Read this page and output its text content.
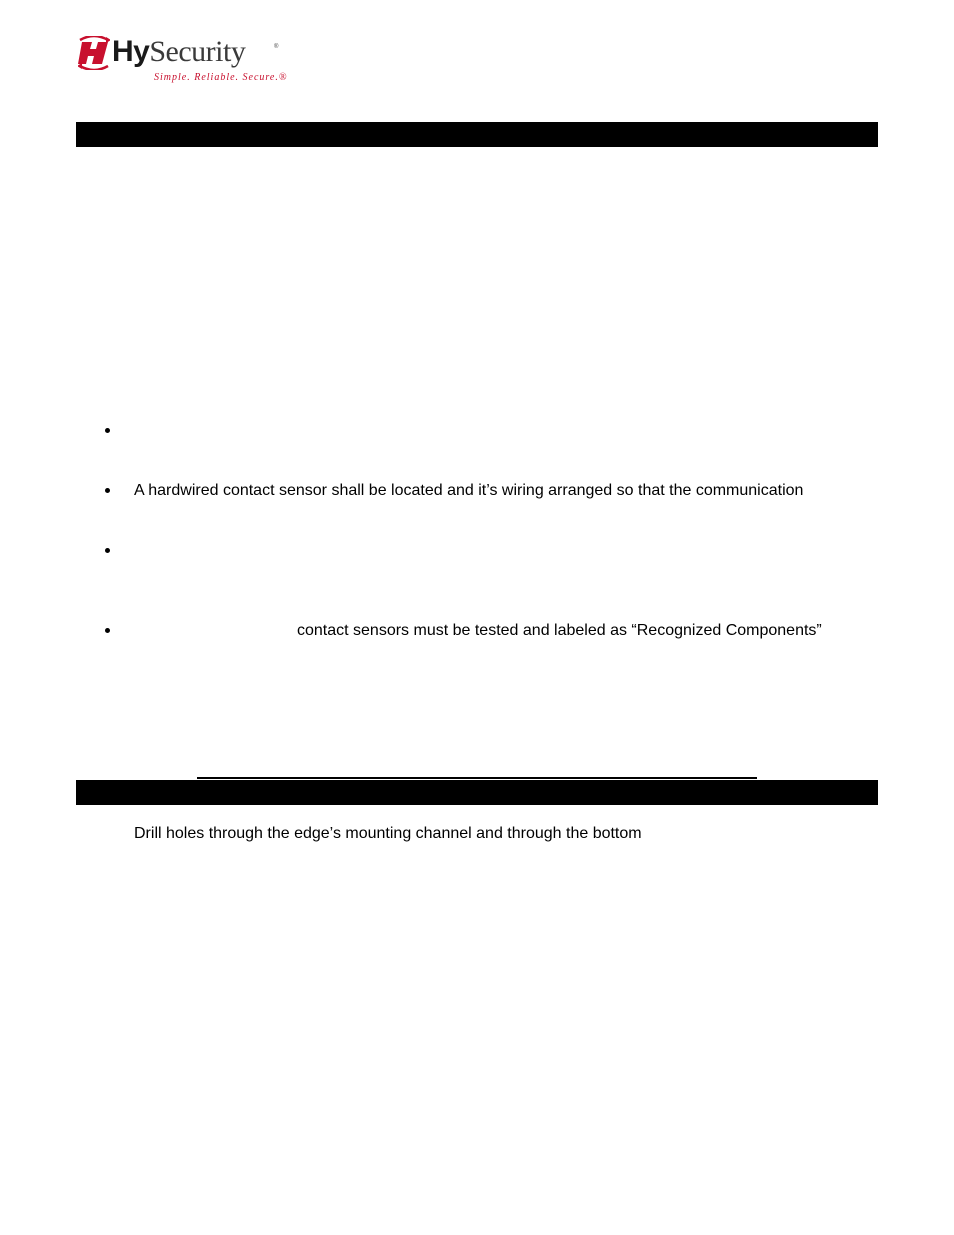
HySecurity	®
Simple. Reliable. Secure.®
A hardwired contact sensor shall be located and it’s wiring arranged so that the communication
contact sensors must be tested and labeled as “Recognized Components”
Drill holes through the edge’s mounting channel and through the bottom
